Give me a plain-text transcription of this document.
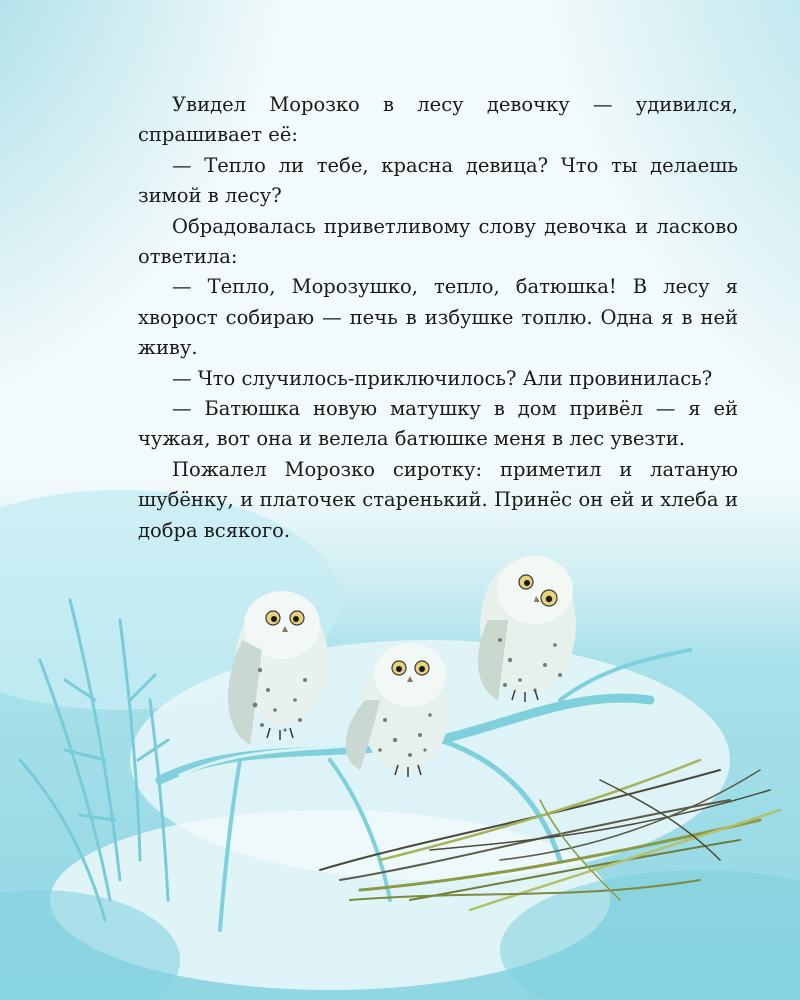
Увидел Морозко в лесу девочку — удивился, спрашивает её:

— Тепло ли тебе, красна девица? Что ты делаешь зимой в лесу?

Обрадовалась приветливому слову девочка и ласково ответила:

— Тепло, Морозушко, тепло, батюшка! В лесу я хворост собираю — печь в избушке топлю. Одна я в ней живу.

— Что случилось-приключилось? Али провинилась?

— Батюшка новую матушку в дом привёл — я ей чужая, вот она и велела батюшке меня в лес увезти.

Пожалел Морозко сиротку: приметил и латаную шубёнку, и платочек старенький. Принёс он ей и хлеба и добра всякого.
